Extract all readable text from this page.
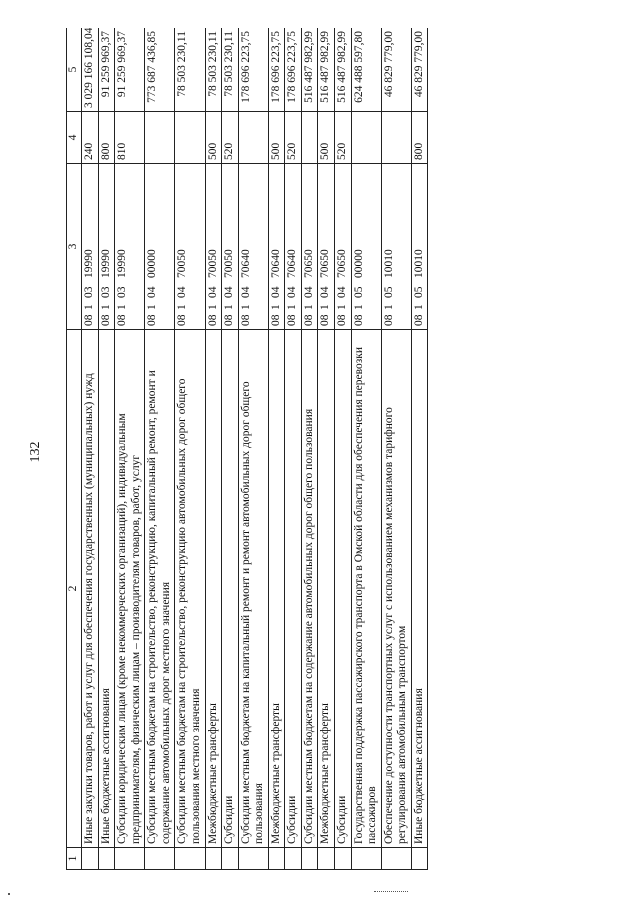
132
1	2	3	4	5
	Иные закупки товаров, работ и услуг для обеспечения государственных (муниципальных) нужд	0810319990	240	3 029 166 108,04
	Иные бюджетные ассигнования	0810319990	800	91 259 969,37
	Субсидии юридическим лицам (кроме некоммерческих организаций), индивидуальным предпринимателям, физическим лицам – производителям товаров, работ, услуг	0810319990	810	91 259 969,37
	Субсидии местным бюджетам на строительство, реконструкцию, капитальный ремонт, ремонт и содержание автомобильных дорог местного значения	0810400000		773 687 436,85
	Субсидии местным бюджетам на строительство, реконструкцию автомобильных дорог общего пользования местного значения	0810470050		78 503 230,11
	Межбюджетные трансферты	0810470050	500	78 503 230,11
	Субсидии	0810470050	520	78 503 230,11
	Субсидии местным бюджетам на капитальный ремонт и ремонт автомобильных дорог общего пользования	0810470640		178 696 223,75
	Межбюджетные трансферты	0810470640	500	178 696 223,75
	Субсидии	0810470640	520	178 696 223,75
	Субсидии местным бюджетам на содержание автомобильных дорог общего пользования	0810470650		516 487 982,99
	Межбюджетные трансферты	0810470650	500	516 487 982,99
	Субсидии	0810470650	520	516 487 982,99
	Государственная поддержка пассажирского транспорта в Омской области для обеспечения перевозки пассажиров	0810500000		624 488 597,80
	Обеспечение доступности транспортных услуг с использованием механизмов тарифного регулирования автомобильным транспортом	0810510010		46 829 779,00
	Иные бюджетные ассигнования	0810510010	800	46 829 779,00
